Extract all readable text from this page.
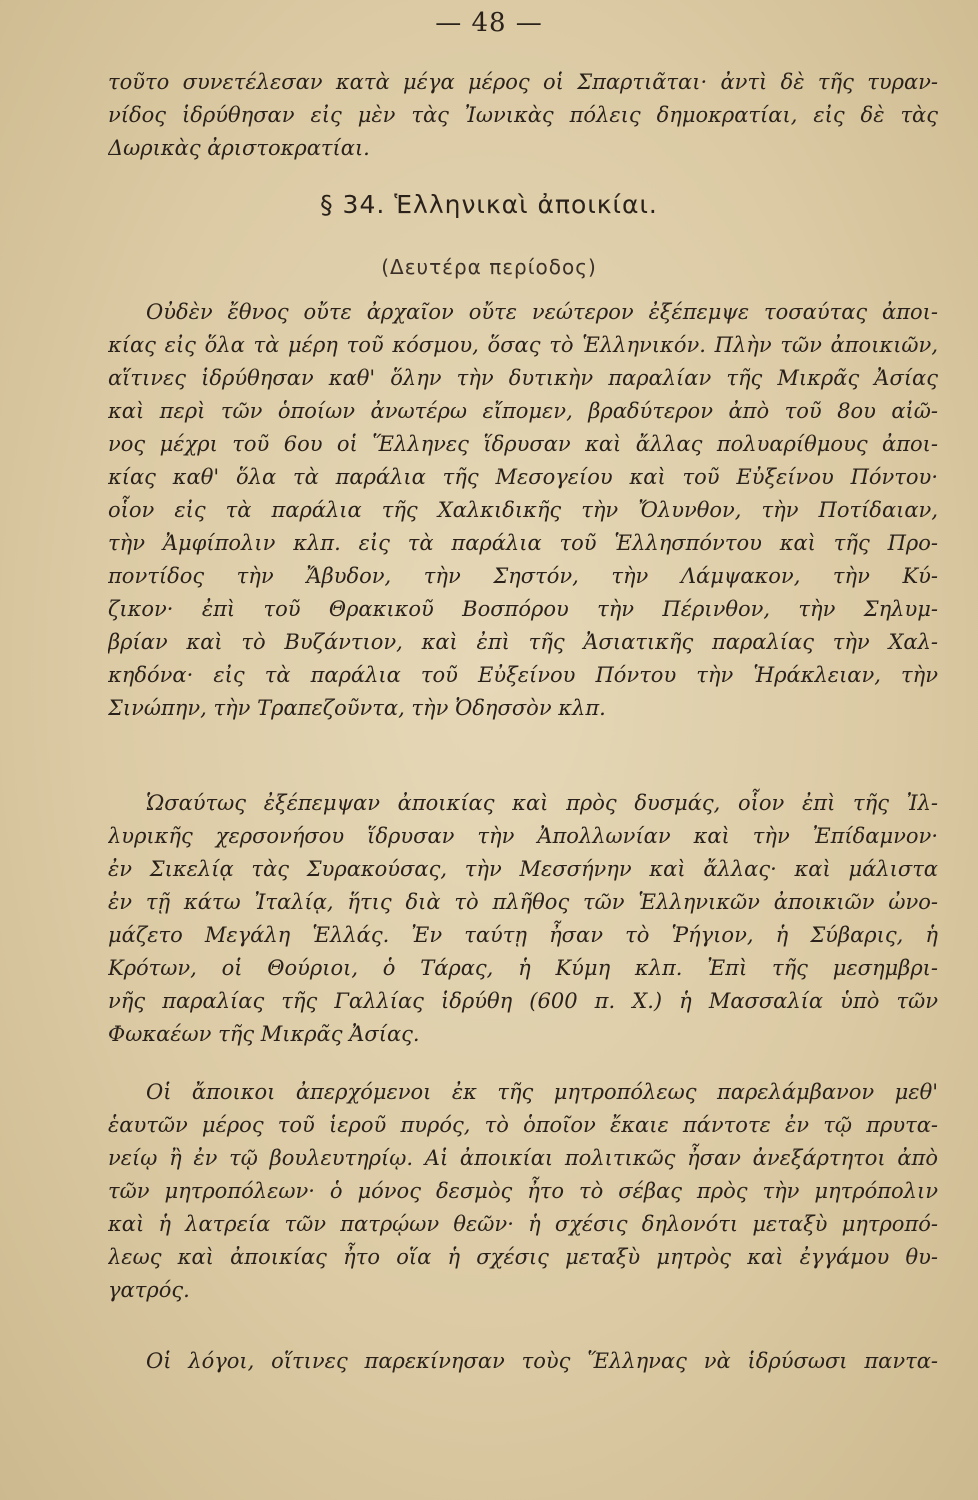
— 48 —
τοῦτο συνετέλεσαν κατὰ μέγα μέρος οἱ Σπαρτιᾶται· ἀντὶ δὲ τῆς τυραν-
νίδος ἱδρύθησαν εἰς μὲν τὰς Ἰωνικὰς πόλεις δημοκρατίαι, εἰς δὲ τὰς
Δωρικὰς ἀριστοκρατίαι.
§ 34. Ἑλληνικαὶ ἀποικίαι.
(Δευτέρα περίοδος)
Οὐδὲν ἔθνος οὔτε ἀρχαῖον οὔτε νεώτερον ἐξέπεμψε τοσαύτας ἀποι-
κίας εἰς ὅλα τὰ μέρη τοῦ κόσμου, ὅσας τὸ Ἑλληνικόν. Πλὴν τῶν ἀποικιῶν,
αἵτινες ἱδρύθησαν καθ' ὅλην τὴν δυτικὴν παραλίαν τῆς Μικρᾶς Ἀσίας
καὶ περὶ τῶν ὁποίων ἀνωτέρω εἴπομεν, βραδύτερον ἀπὸ τοῦ 8ου αἰῶ-
νος μέχρι τοῦ 6ου οἱ Ἕλληνες ἵδρυσαν καὶ ἄλλας πολυαρίθμους ἀποι-
κίας καθ' ὅλα τὰ παράλια τῆς Μεσογείου καὶ τοῦ Εὐξείνου Πόντου·
οἷον εἰς τὰ παράλια τῆς Χαλκιδικῆς τὴν Ὄλυνθον, τὴν Ποτίδαιαν,
τὴν Ἀμφίπολιν κλπ. εἰς τὰ παράλια τοῦ Ἑλλησπόντου καὶ τῆς Προ-
ποντίδος τὴν Ἄβυδον, τὴν Σηστόν, τὴν Λάμψακον, τὴν Κύ-
ζικον· ἐπὶ τοῦ Θρακικοῦ Βοσπόρου τὴν Πέρινθον, τὴν Σηλυμ-
βρίαν καὶ τὸ Βυζάντιον, καὶ ἐπὶ τῆς Ἀσιατικῆς παραλίας τὴν Χαλ-
κηδόνα· εἰς τὰ παράλια τοῦ Εὐξείνου Πόντου τὴν Ἡράκλειαν, τὴν
Σινώπην, τὴν Τραπεζοῦντα, τὴν Ὀδησσὸν κλπ.
Ὡσαύτως ἐξέπεμψαν ἀποικίας καὶ πρὸς δυσμάς, οἷον ἐπὶ τῆς Ἰλ-
λυρικῆς χερσονήσου ἵδρυσαν τὴν Ἀπολλωνίαν καὶ τὴν Ἐπίδαμνον·
ἐν Σικελίᾳ τὰς Συρακούσας, τὴν Μεσσήνην καὶ ἄλλας· καὶ μάλιστα
ἐν τῇ κάτω Ἰταλίᾳ, ἥτις διὰ τὸ πλῆθος τῶν Ἑλληνικῶν ἀποικιῶν ὠνο-
μάζετο Μεγάλη Ἑλλάς. Ἐν ταύτῃ ἦσαν τὸ Ῥήγιον, ἡ Σύβαρις, ἡ
Κρότων, οἱ Θούριοι, ὁ Τάρας, ἡ Κύμη κλπ. Ἐπὶ τῆς μεσημβρι-
νῆς παραλίας τῆς Γαλλίας ἱδρύθη (600 π. Χ.) ἡ Μασσαλία ὑπὸ τῶν
Φωκαέων τῆς Μικρᾶς Ἀσίας.
Οἱ ἄποικοι ἀπερχόμενοι ἐκ τῆς μητροπόλεως παρελάμβανον μεθ'
ἑαυτῶν μέρος τοῦ ἱεροῦ πυρός, τὸ ὁποῖον ἔκαιε πάντοτε ἐν τῷ πρυτα-
νείῳ ἢ ἐν τῷ βουλευτηρίῳ. Αἱ ἀποικίαι πολιτικῶς ἦσαν ἀνεξάρτητοι ἀπὸ
τῶν μητροπόλεων· ὁ μόνος δεσμὸς ἦτο τὸ σέβας πρὸς τὴν μητρόπολιν
καὶ ἡ λατρεία τῶν πατρῴων θεῶν· ἡ σχέσις δηλονότι μεταξὺ μητροπό-
λεως καὶ ἀποικίας ἦτο οἵα ἡ σχέσις μεταξὺ μητρὸς καὶ ἐγγάμου θυ-
γατρός.
Οἱ λόγοι, οἵτινες παρεκίνησαν τοὺς Ἕλληνας νὰ ἱδρύσωσι παντα-
